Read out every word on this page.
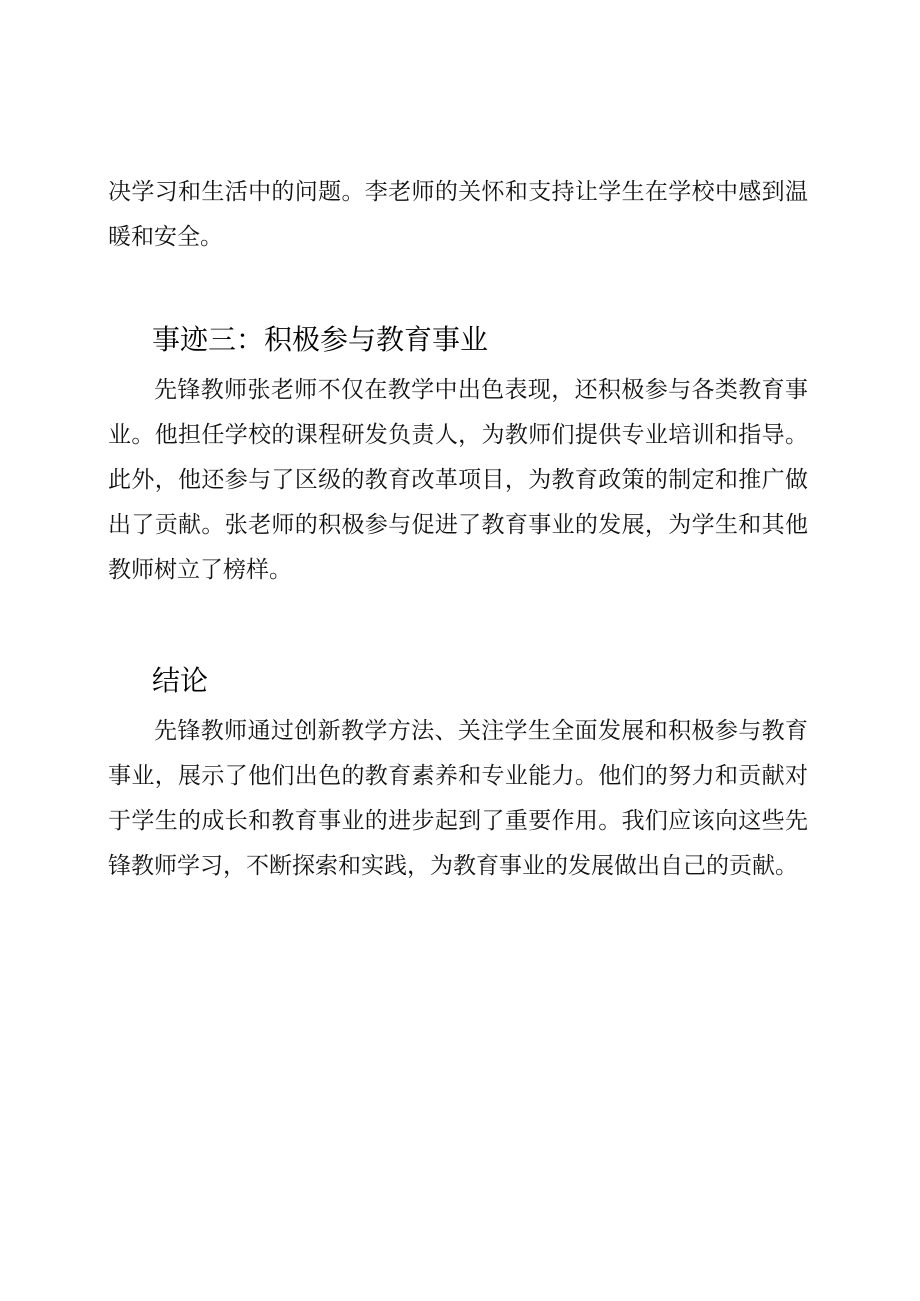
决学习和生活中的问题。李老师的关怀和支持让学生在学校中感到温暖和安全。

事迹三：积极参与教育事业

先锋教师张老师不仅在教学中出色表现，还积极参与各类教育事业。他担任学校的课程研发负责人，为教师们提供专业培训和指导。此外，他还参与了区级的教育改革项目，为教育政策的制定和推广做出了贡献。张老师的积极参与促进了教育事业的发展，为学生和其他教师树立了榜样。

结论

先锋教师通过创新教学方法、关注学生全面发展和积极参与教育事业，展示了他们出色的教育素养和专业能力。他们的努力和贡献对于学生的成长和教育事业的进步起到了重要作用。我们应该向这些先锋教师学习，不断探索和实践，为教育事业的发展做出自己的贡献。
